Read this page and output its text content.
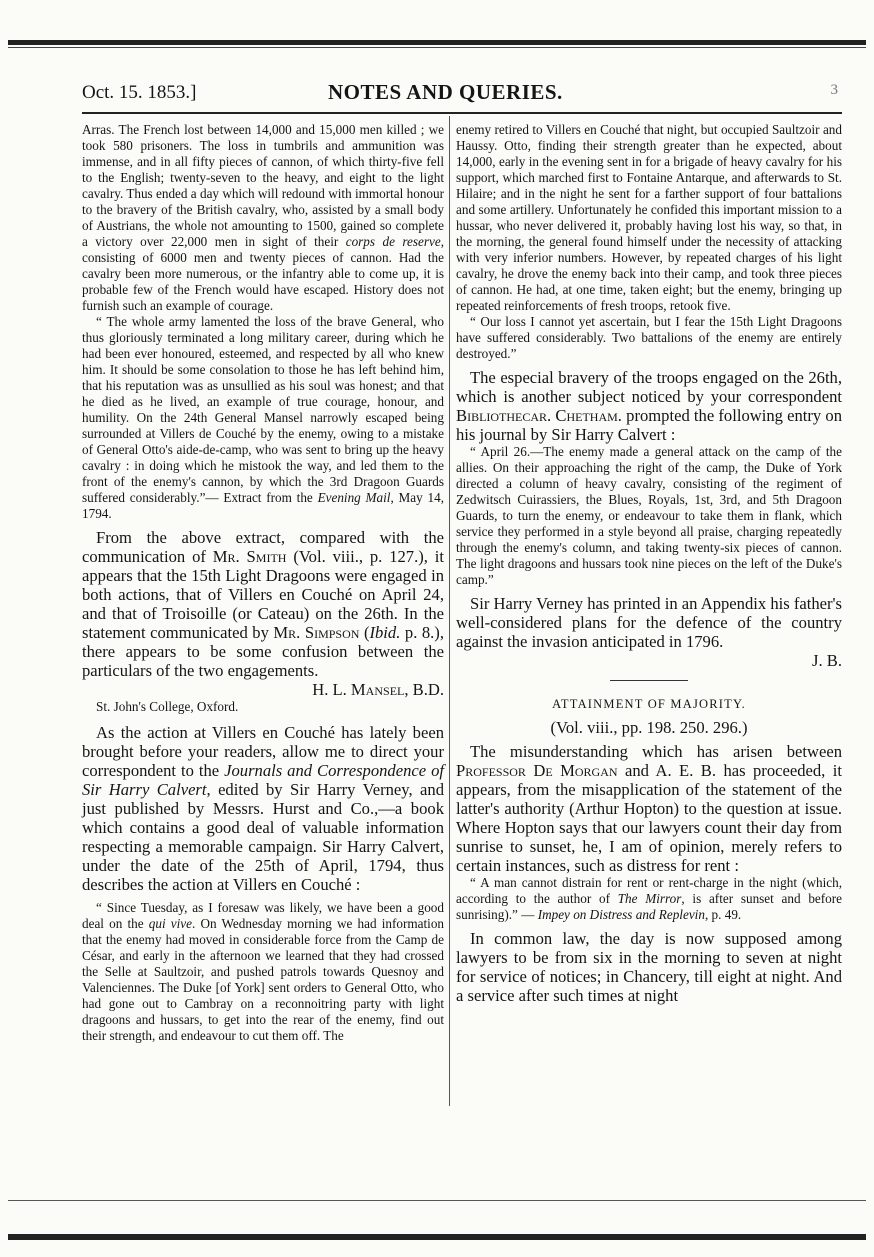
Oct. 15. 1853.]	NOTES AND QUERIES.	3

Arras. The French lost between 14,000 and 15,000 men killed ; we took 580 prisoners. The loss in tumbrils and ammunition was immense, and in all fifty pieces of cannon, of which thirty-five fell to the English; twenty-seven to the heavy, and eight to the light cavalry. Thus ended a day which will redound with immortal honour to the bravery of the British cavalry, who, assisted by a small body of Austrians, the whole not amounting to 1500, gained so complete a victory over 22,000 men in sight of their corps de reserve, consisting of 6000 men and twenty pieces of cannon. Had the cavalry been more numerous, or the infantry able to come up, it is probable few of the French would have escaped. History does not furnish such an example of courage.

“ The whole army lamented the loss of the brave General, who thus gloriously terminated a long military career, during which he had been ever honoured, esteemed, and respected by all who knew him. It should be some consolation to those he has left behind him, that his reputation was as unsullied as his soul was honest; and that he died as he lived, an example of true courage, honour, and humility. On the 24th General Mansel narrowly escaped being surrounded at Villers de Couché by the enemy, owing to a mistake of General Otto's aide-de-camp, who was sent to bring up the heavy cavalry : in doing which he mistook the way, and led them to the front of the enemy's cannon, by which the 3rd Dragoon Guards suffered considerably.”— Extract from the Evening Mail, May 14, 1794.

From the above extract, compared with the communication of Mr. Smith (Vol. viii., p. 127.), it appears that the 15th Light Dragoons were engaged in both actions, that of Villers en Couché on April 24, and that of Troisoille (or Cateau) on the 26th. In the statement communicated by Mr. Simpson (Ibid. p. 8.), there appears to be some confusion between the particulars of the two engagements.

H. L. Mansel, B.D.

St. John's College, Oxford.

As the action at Villers en Couché has lately been brought before your readers, allow me to direct your correspondent to the Journals and Correspondence of Sir Harry Calvert, edited by Sir Harry Verney, and just published by Messrs. Hurst and Co.,—a book which contains a good deal of valuable information respecting a memorable campaign. Sir Harry Calvert, under the date of the 25th of April, 1794, thus describes the action at Villers en Couché :

“ Since Tuesday, as I foresaw was likely, we have been a good deal on the qui vive. On Wednesday morning we had information that the enemy had moved in considerable force from the Camp de César, and early in the afternoon we learned that they had crossed the Selle at Saultzoir, and pushed patrols towards Quesnoy and Valenciennes. The Duke [of York] sent orders to General Otto, who had gone out to Cambray on a reconnoitring party with light dragoons and hussars, to get into the rear of the enemy, find out their strength, and endeavour to cut them off. The

enemy retired to Villers en Couché that night, but occupied Saultzoir and Haussy. Otto, finding their strength greater than he expected, about 14,000, early in the evening sent in for a brigade of heavy cavalry for his support, which marched first to Fontaine Antarque, and afterwards to St. Hilaire; and in the night he sent for a farther support of four battalions and some artillery. Unfortunately he confided this important mission to a hussar, who never delivered it, probably having lost his way, so that, in the morning, the general found himself under the necessity of attacking with very inferior numbers. However, by repeated charges of his light cavalry, he drove the enemy back into their camp, and took three pieces of cannon. He had, at one time, taken eight; but the enemy, bringing up repeated reinforcements of fresh troops, retook five.

“ Our loss I cannot yet ascertain, but I fear the 15th Light Dragoons have suffered considerably. Two battalions of the enemy are entirely destroyed.”

The especial bravery of the troops engaged on the 26th, which is another subject noticed by your correspondent Bibliothecar. Chetham. prompted the following entry on his journal by Sir Harry Calvert :

“ April 26.—The enemy made a general attack on the camp of the allies. On their approaching the right of the camp, the Duke of York directed a column of heavy cavalry, consisting of the regiment of Zedwitsch Cuirassiers, the Blues, Royals, 1st, 3rd, and 5th Dragoon Guards, to turn the enemy, or endeavour to take them in flank, which service they performed in a style beyond all praise, charging repeatedly through the enemy's column, and taking twenty-six pieces of cannon. The light dragoons and hussars took nine pieces on the left of the Duke's camp.”

Sir Harry Verney has printed in an Appendix his father's well-considered plans for the defence of the country against the invasion anticipated in 1796.

J. B.

ATTAINMENT OF MAJORITY.

(Vol. viii., pp. 198. 250. 296.)

The misunderstanding which has arisen between Professor De Morgan and A. E. B. has proceeded, it appears, from the misapplication of the statement of the latter's authority (Arthur Hopton) to the question at issue. Where Hopton says that our lawyers count their day from sunrise to sunset, he, I am of opinion, merely refers to certain instances, such as distress for rent :

“ A man cannot distrain for rent or rent-charge in the night (which, according to the author of The Mirror, is after sunset and before sunrising).” — Impey on Distress and Replevin, p. 49.

In common law, the day is now supposed among lawyers to be from six in the morning to seven at night for service of notices; in Chancery, till eight at night. And a service after such times at night
